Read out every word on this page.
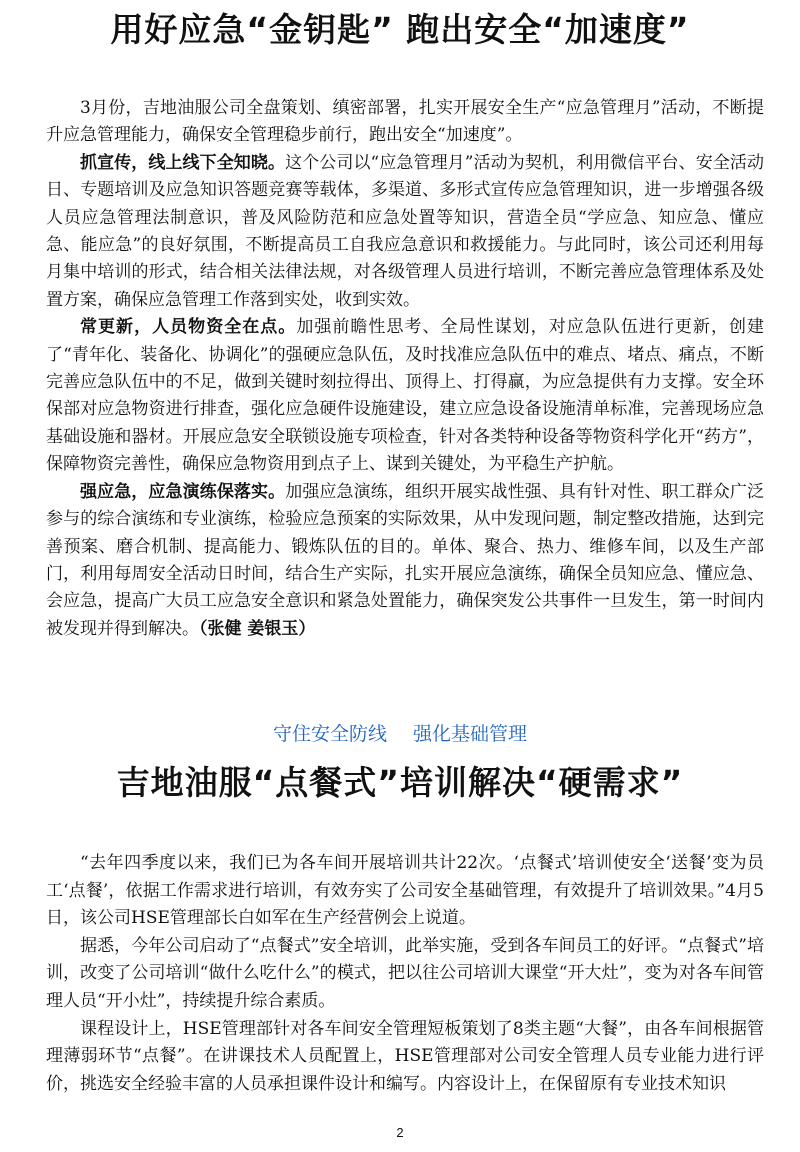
用好应急“金钥匙” 跑出安全“加速度”

3月份，吉地油服公司全盘策划、缜密部署，扎实开展安全生产“应急管理月”活动，不断提升应急管理能力，确保安全管理稳步前行，跑出安全“加速度”。

抓宣传，线上线下全知晓。这个公司以“应急管理月”活动为契机，利用微信平台、安全活动日、专题培训及应急知识答题竞赛等载体，多渠道、多形式宣传应急管理知识，进一步增强各级人员应急管理法制意识，普及风险防范和应急处置等知识，营造全员“学应急、知应急、懂应急、能应急”的良好氛围，不断提高员工自我应急意识和救援能力。与此同时，该公司还利用每月集中培训的形式，结合相关法律法规，对各级管理人员进行培训，不断完善应急管理体系及处置方案，确保应急管理工作落到实处，收到实效。

常更新，人员物资全在点。加强前瞻性思考、全局性谋划，对应急队伍进行更新，创建了“青年化、装备化、协调化”的强硬应急队伍，及时找准应急队伍中的难点、堵点、痛点，不断完善应急队伍中的不足，做到关键时刻拉得出、顶得上、打得赢，为应急提供有力支撑。安全环保部对应急物资进行排查，强化应急硬件设施建设，建立应急设备设施清单标准，完善现场应急基础设施和器材。开展应急安全联锁设施专项检查，针对各类特种设备等物资科学化开“药方”，保障物资完善性，确保应急物资用到点子上、谋到关键处，为平稳生产护航。

强应急，应急演练保落实。加强应急演练，组织开展实战性强、具有针对性、职工群众广泛参与的综合演练和专业演练，检验应急预案的实际效果，从中发现问题，制定整改措施，达到完善预案、磨合机制、提高能力、锻炼队伍的目的。单体、聚合、热力、维修车间，以及生产部门，利用每周安全活动日时间，结合生产实际，扎实开展应急演练，确保全员知应急、懂应急、会应急，提高广大员工应急安全意识和紧急处置能力，确保突发公共事件一旦发生，第一时间内被发现并得到解决。（张健 姜银玉）

守住安全防线 强化基础管理
吉地油服“点餐式”培训解决“硬需求”

“去年四季度以来，我们已为各车间开展培训共计22次。‘点餐式’培训使安全‘送餐’变为员工‘点餐’，依据工作需求进行培训，有效夯实了公司安全基础管理，有效提升了培训效果。”4月5日，该公司HSE管理部长白如军在生产经营例会上说道。

据悉，今年公司启动了“点餐式”安全培训，此举实施，受到各车间员工的好评。“点餐式”培训，改变了公司培训“做什么吃什么”的模式，把以往公司培训大课堂“开大灶”，变为对各车间管理人员“开小灶”，持续提升综合素质。

课程设计上，HSE管理部针对各车间安全管理短板策划了8类主题“大餐”，由各车间根据管理薄弱环节“点餐”。在讲课技术人员配置上，HSE管理部对公司安全管理人员专业能力进行评价，挑选安全经验丰富的人员承担课件设计和编写。内容设计上，在保留原有专业技术知识

2
